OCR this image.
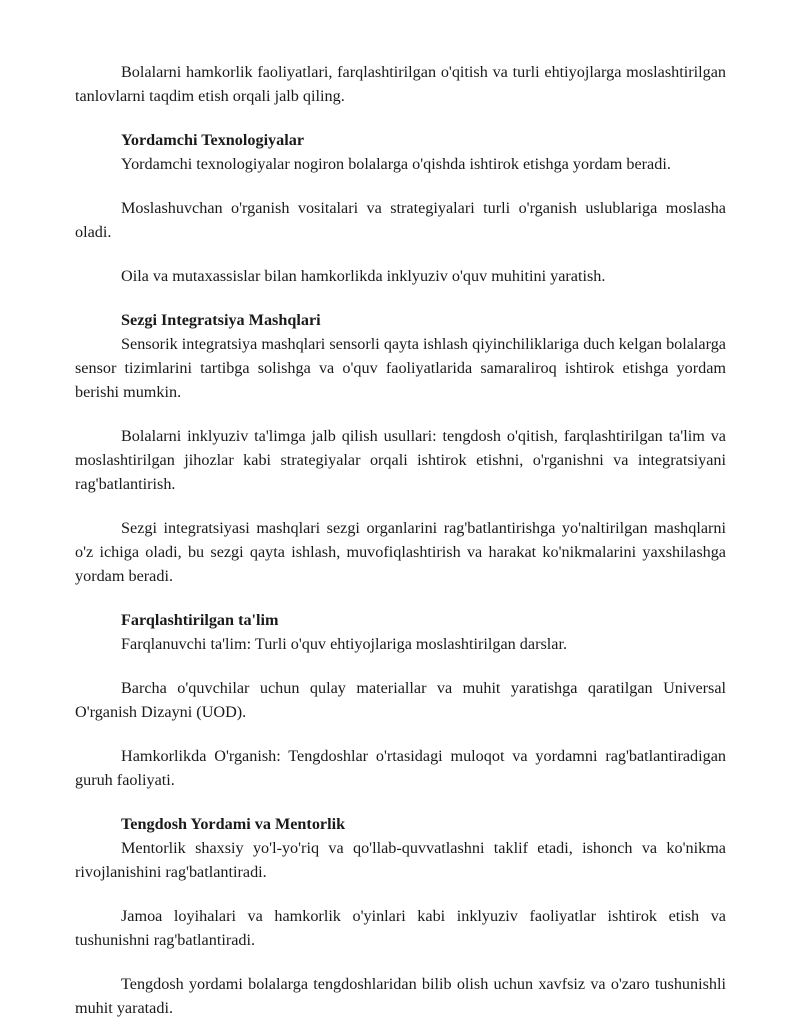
Bolalarni hamkorlik faoliyatlari, farqlashtirilgan o'qitish va turli ehtiyojlarga moslashtirilgan tanlovlarni taqdim etish orqali jalb qiling.

Yordamchi Texnologiyalar

Yordamchi texnologiyalar nogiron bolalarga o'qishda ishtirok etishga yordam beradi.

Moslashuvchan o'rganish vositalari va strategiyalari turli o'rganish uslublariga moslasha oladi.

Oila va mutaxassislar bilan hamkorlikda inklyuziv o'quv muhitini yaratish.

Sezgi Integratsiya Mashqlari

Sensorik integratsiya mashqlari sensorli qayta ishlash qiyinchiliklariga duch kelgan bolalarga sensor tizimlarini tartibga solishga va o'quv faoliyatlarida samaraliroq ishtirok etishga yordam berishi mumkin.

Bolalarni inklyuziv ta'limga jalb qilish usullari: tengdosh o'qitish, farqlashtirilgan ta'lim va moslashtirilgan jihozlar kabi strategiyalar orqali ishtirok etishni, o'rganishni va integratsiyani rag'batlantirish.

Sezgi integratsiyasi mashqlari sezgi organlarini rag'batlantirishga yo'naltirilgan mashqlarni o'z ichiga oladi, bu sezgi qayta ishlash, muvofiqlashtirish va harakat ko'nikmalarini yaxshilashga yordam beradi.

Farqlashtirilgan ta'lim

Farqlanuvchi ta'lim: Turli o'quv ehtiyojlariga moslashtirilgan darslar.

Barcha o'quvchilar uchun qulay materiallar va muhit yaratishga qaratilgan Universal O'rganish Dizayni (UOD).

Hamkorlikda O'rganish: Tengdoshlar o'rtasidagi muloqot va yordamni rag'batlantiradigan guruh faoliyati.

Tengdosh Yordami va Mentorlik

Mentorlik shaxsiy yo'l-yo'riq va qo'llab-quvvatlashni taklif etadi, ishonch va ko'nikma rivojlanishini rag'batlantiradi.

Jamoa loyihalari va hamkorlik o'yinlari kabi inklyuziv faoliyatlar ishtirok etish va tushunishni rag'batlantiradi.

Tengdosh yordami bolalarga tengdoshlaridan bilib olish uchun xavfsiz va o'zaro tushunishli muhit yaratadi.
